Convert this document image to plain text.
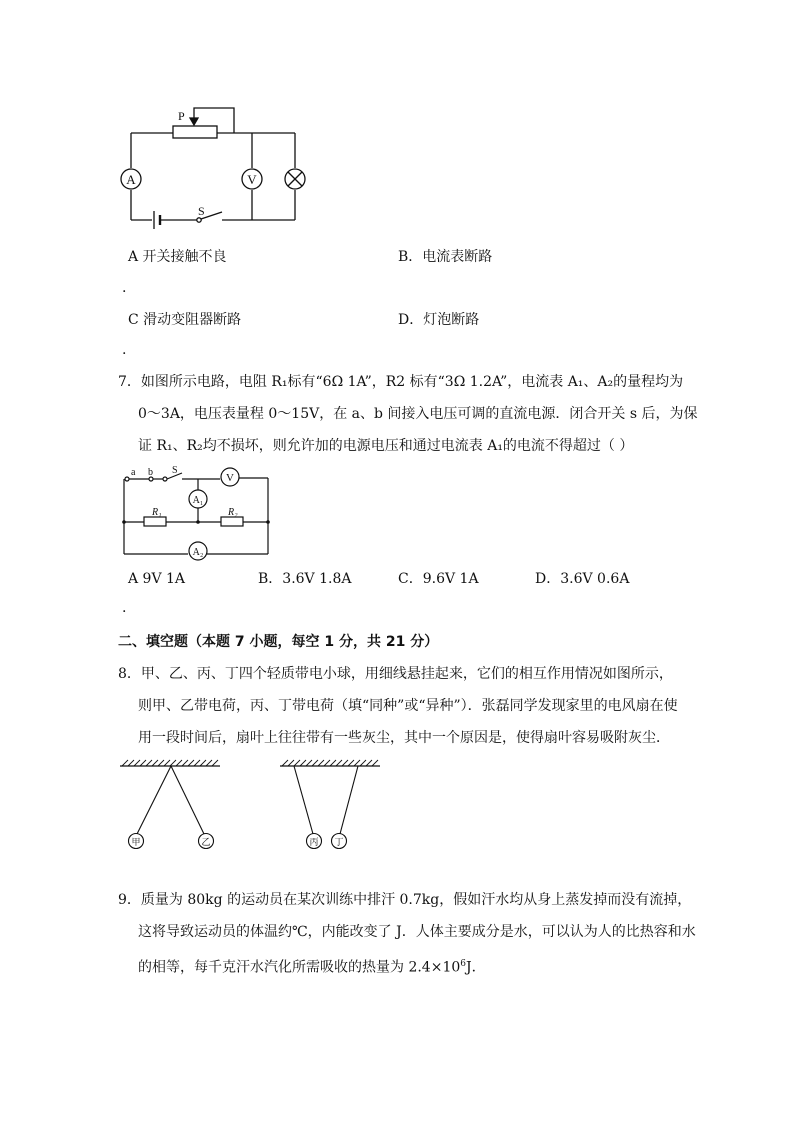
P
A	V
S
A 开关接触不良	B．电流表断路
.
C 滑动变阻器断路	D．灯泡断路
.
7．如图所示电路，电阻 R₁标有“6Ω 1A”，R2 标有“3Ω 1.2A”，电流表 A₁、A₂的量程均为
0～3A，电压表量程 0～15V，在 a、b 间接入电压可调的直流电源．闭合开关 s 后，为保
证 R₁、R₂均不损坏，则允许加的电源电压和通过电流表 A₁的电流不得超过（ ）
a b S
V
A₁
R₁	R₂
A₂
A 9V 1A	B．3.6V 1.8A	C．9.6V 1A	D．3.6V 0.6A
.
二、填空题（本题 7 小题，每空 1 分，共 21 分）
8．甲、乙、丙、丁四个轻质带电小球，用细线悬挂起来，它们的相互作用情况如图所示，
则甲、乙带电荷，丙、丁带电荷（填“同种”或“异种”）．张磊同学发现家里的电风扇在使
用一段时间后，扇叶上往往带有一些灰尘，其中一个原因是，使得扇叶容易吸附灰尘．
甲	乙	丙 丁
9．质量为 80kg 的运动员在某次训练中排汗 0.7kg，假如汗水均从身上蒸发掉而没有流掉，
这将导致运动员的体温约℃，内能改变了 J．人体主要成分是水，可以认为人的比热容和水
的相等，每千克汗水汽化所需吸收的热量为 $2.4\times 10^6J$．
